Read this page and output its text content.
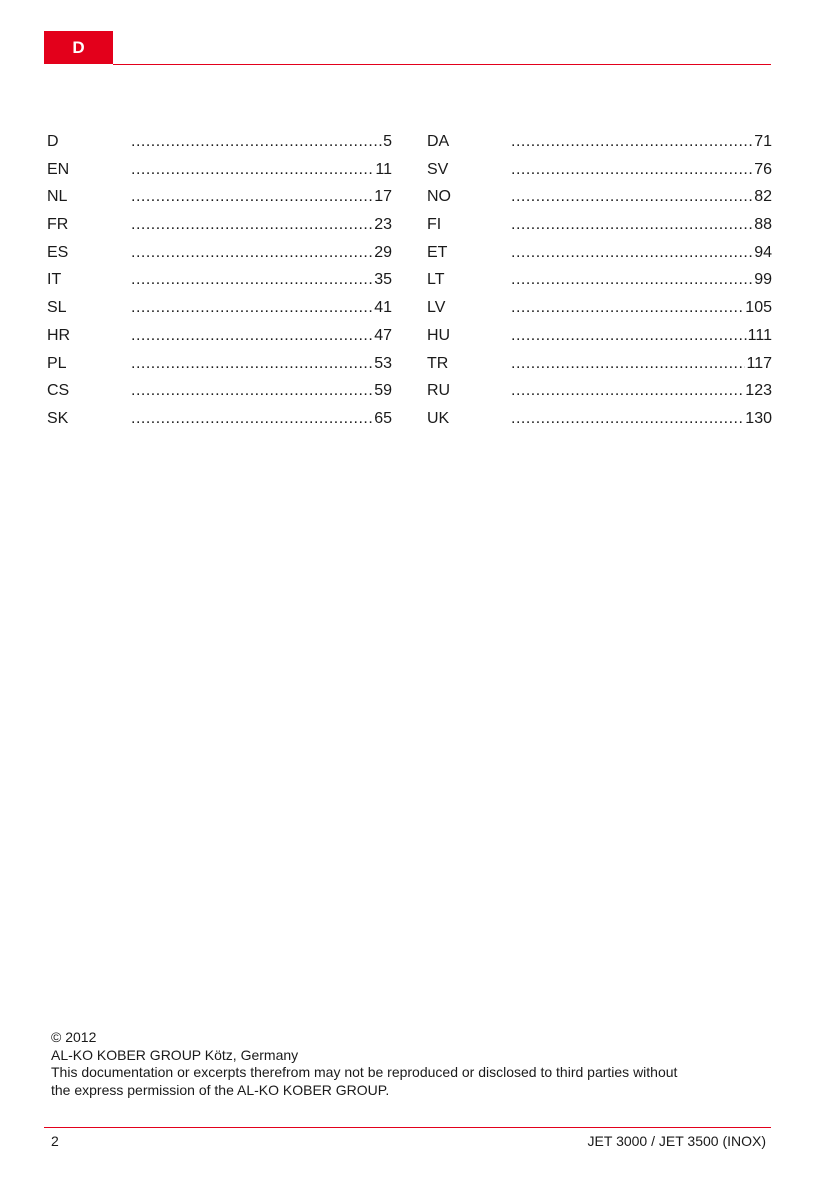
D
D .....	5
EN .....	11
NL .....	17
FR .....	23
ES .....	29
IT .....	35
SL .....	41
HR .....	47
PL .....	53
CS .....	59
SK .....	65
DA .....	71
SV .....	76
NO .....	82
FI .....	88
ET .....	94
LT .....	99
LV .....	105
HU .....	111
TR .....	117
RU .....	123
UK .....	130
© 2012
AL-KO KOBER GROUP Kötz, Germany
This documentation or excerpts therefrom may not be reproduced or disclosed to third parties without
the express permission of the AL-KO KOBER GROUP.
2	JET 3000 / JET 3500 (INOX)
